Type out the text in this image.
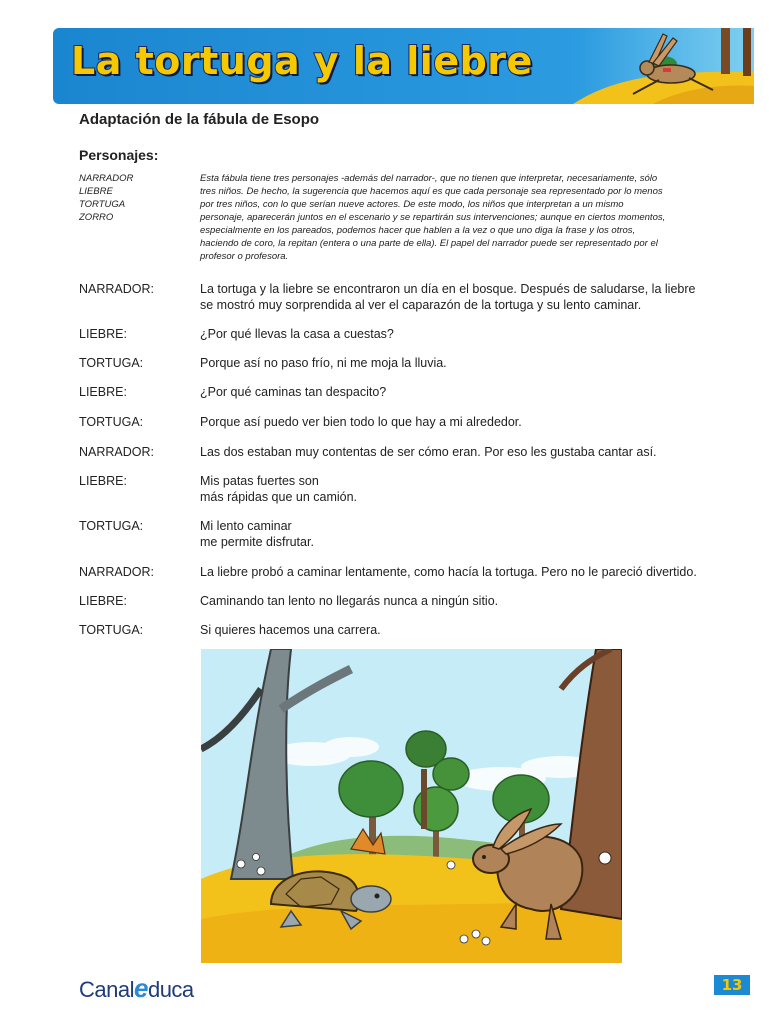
La tortuga y la liebre
Adaptación de la fábula de Esopo
Personajes:
NARRADOR
LIEBRE
TORTUGA
ZORRO
Esta fábula tiene tres personajes -además del narrador-, que no tienen que interpretar, necesariamente, sólo
tres niños. De hecho, la sugerencia que hacemos aquí es que cada personaje sea representado por lo menos
por tres niños, con lo que serían nueve actores. De este modo, los niños que interpretan a un mismo
personaje, aparecerán juntos en el escenario y se repartirán sus intervenciones; aunque en ciertos momentos,
especialmente en los pareados, podemos hacer que hablen a la vez o que uno diga la frase y los otros,
haciendo de coro, la repitan (entera o una parte de ella). El papel del narrador puede ser representado por el
profesor o profesora.
NARRADOR:	La tortuga y la liebre se encontraron un día en el bosque. Después de saludarse, la liebre
se mostró muy sorprendida al ver el caparazón de la tortuga y su lento caminar.
LIEBRE:	¿Por qué llevas la casa a cuestas?
TORTUGA:	Porque así no paso frío, ni me moja la lluvia.
LIEBRE:	¿Por qué caminas tan despacito?
TORTUGA:	Porque así puedo ver bien todo lo que hay a mi alrededor.
NARRADOR:	Las dos estaban muy contentas de ser cómo eran. Por eso les gustaba cantar así.
LIEBRE:	Mis patas fuertes son
más rápidas que un camión.
TORTUGA:	Mi lento caminar
me permite disfrutar.
NARRADOR:	La liebre probó a caminar lentamente, como hacía la tortuga. Pero no le pareció divertido.
LIEBRE:	Caminando tan lento no llegarás nunca a ningún sitio.
TORTUGA:	Si quieres hacemos una carrera.
Canaleduca	13
